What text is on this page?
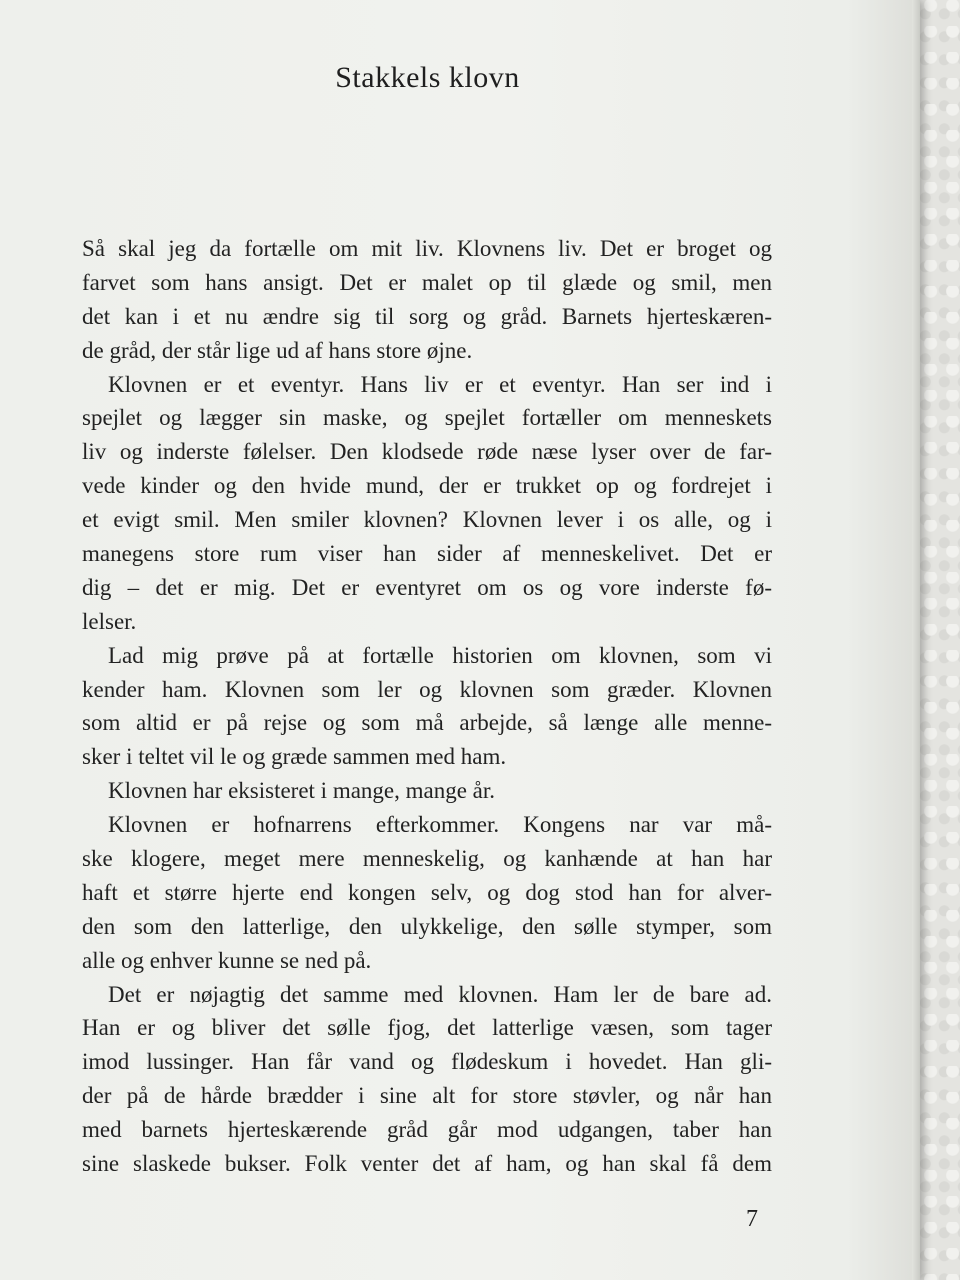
Stakkels klovn
Så skal jeg da fortælle om mit liv. Klovnens liv. Det er broget og
farvet som hans ansigt. Det er malet op til glæde og smil, men
det kan i et nu ændre sig til sorg og gråd. Barnets hjerteskæren-
de gråd, der står lige ud af hans store øjne.
Klovnen er et eventyr. Hans liv er et eventyr. Han ser ind i
spejlet og lægger sin maske, og spejlet fortæller om menneskets
liv og inderste følelser. Den klodsede røde næse lyser over de far-
vede kinder og den hvide mund, der er trukket op og fordrejet i
et evigt smil. Men smiler klovnen? Klovnen lever i os alle, og i
manegens store rum viser han sider af menneskelivet. Det er
dig – det er mig. Det er eventyret om os og vore inderste fø-
lelser.
Lad mig prøve på at fortælle historien om klovnen, som vi
kender ham. Klovnen som ler og klovnen som græder. Klovnen
som altid er på rejse og som må arbejde, så længe alle menne-
sker i teltet vil le og græde sammen med ham.
Klovnen har eksisteret i mange, mange år.
Klovnen er hofnarrens efterkommer. Kongens nar var må-
ske klogere, meget mere menneskelig, og kanhænde at han har
haft et større hjerte end kongen selv, og dog stod han for alver-
den som den latterlige, den ulykkelige, den sølle stymper, som
alle og enhver kunne se ned på.
Det er nøjagtig det samme med klovnen. Ham ler de bare ad.
Han er og bliver det sølle fjog, det latterlige væsen, som tager
imod lussinger. Han får vand og flødeskum i hovedet. Han gli-
der på de hårde brædder i sine alt for store støvler, og når han
med barnets hjerteskærende gråd går mod udgangen, taber han
sine slaskede bukser. Folk venter det af ham, og han skal få dem
7
